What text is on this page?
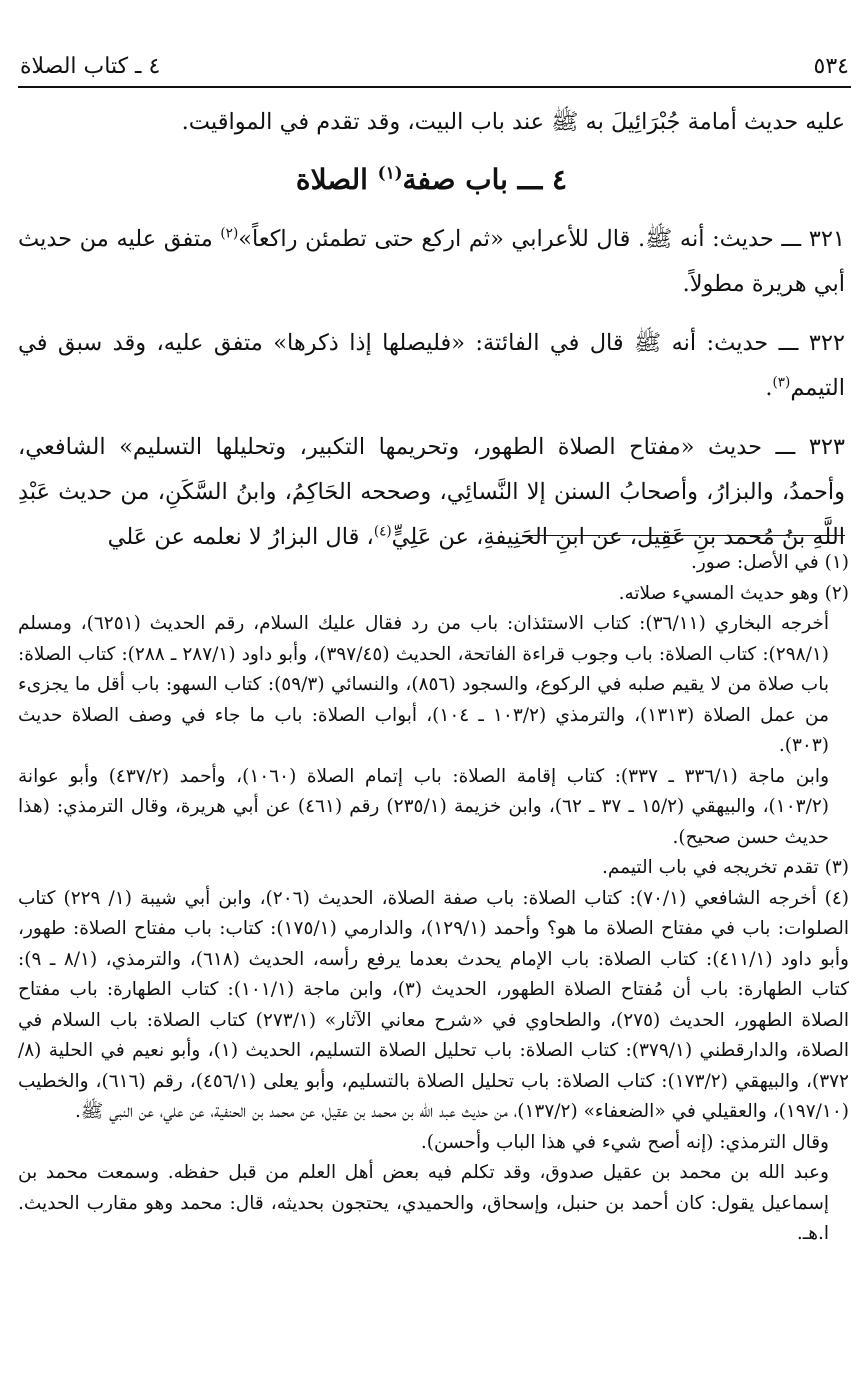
٥٣٤
٤ ـ كتاب الصلاة

عليه حديث أمامة جُبْرَائِيلَ به ﷺ عند باب البيت، وقد تقدم في المواقيت.

٤ ـــ باب صفة$^{(١)}$ الصلاة

٣٢١ ـــ حديث: أنه ﷺ. قال للأعرابي «ثم اركع حتى تطمئن راكعاً»$^{(٢)}$ متفق عليه من حديث أبي هريرة مطولاً.

٣٢٢ ـــ حديث: أنه ﷺ قال في الفائتة: «فليصلها إذا ذكرها» متفق عليه، وقد سبق في التيمم$^{(٣)}$.

٣٢٣ ـــ حديث «مفتاح الصلاة الطهور، وتحريمها التكبير، وتحليلها التسليم» الشافعي، وأحمدُ، والبزارُ، وأصحابُ السنن إلا النَّسائِي، وصححه الحَاكِمُ، وابنُ السَّكَنِ، من حديث عَبْدِ اللَّهِ بنُ مُحمد بنِ عَقِيل، عن ابنِ الحَنِيفةِ، عن عَلِيٍّ$^{(٤)}$، قال البزارُ لا نعلمه عن عَلي

(١) في الأصل: صور.

(٢) وهو حديث المسيء صلاته.

أخرجه البخاري (٣٦/١١): كتاب الاستئذان: باب من رد فقال عليك السلام، رقم الحديث (٦٢٥١)، ومسلم (٢٩٨/١): كتاب الصلاة: باب وجوب قراءة الفاتحة، الحديث (٣٩٧/٤٥)، وأبو داود (٢٨٧/١ ـ ٢٨٨): كتاب الصلاة: باب صلاة من لا يقيم صلبه في الركوع، والسجود (٨٥٦)، والنسائي (٥٩/٣): كتاب السهو: باب أقل ما يجزىء من عمل الصلاة (١٣١٣)، والترمذي (١٠٣/٢ ـ ١٠٤)، أبواب الصلاة: باب ما جاء في وصف الصلاة حديث (٣٠٣).

وابن ماجة (٣٣٦/١ ـ ٣٣٧): كتاب إقامة الصلاة: باب إتمام الصلاة (١٠٦٠)، وأحمد (٤٣٧/٢) وأبو عوانة (١٠٣/٢)، والبيهقي (١٥/٢ ـ ٣٧ ـ ٦٢)، وابن خزيمة (٢٣٥/١) رقم (٤٦١) عن أبي هريرة، وقال الترمذي: (هذا حديث حسن صحيح).

(٣) تقدم تخريجه في باب التيمم.

(٤) أخرجه الشافعي (٧٠/١): كتاب الصلاة: باب صفة الصلاة، الحديث (٢٠٦)، وابن أبي شيبة (١/ ٢٢٩) كتاب الصلوات: باب في مفتاح الصلاة ما هو؟ وأحمد (١٢٩/١)، والدارمي (١٧٥/١): كتاب: باب مفتاح الصلاة: طهور، وأبو داود (٤١١/١): كتاب الصلاة: باب الإمام يحدث بعدما يرفع رأسه، الحديث (٦١٨)، والترمذي، (٨/١ ـ ٩): كتاب الطهارة: باب أن مُفتاح الصلاة الطهور، الحديث (٣)، وابن ماجة (١٠١/١): كتاب الطهارة: باب مفتاح الصلاة الطهور، الحديث (٢٧٥)، والطحاوي في «شرح معاني الآثار» (٢٧٣/١) كتاب الصلاة: باب السلام في الصلاة، والدارقطني (٣٧٩/١): كتاب الصلاة: باب تحليل الصلاة التسليم، الحديث (١)، وأبو نعيم في الحلية (٨/ ٣٧٢)، والبيهقي (١٧٣/٢): كتاب الصلاة: باب تحليل الصلاة بالتسليم، وأبو يعلى (٤٥٦/١)، رقم (٦١٦)، والخطيب (١٩٧/١٠)، والعقيلي في «الضعفاء» (١٣٧/٢)، من حديث عبد الله بن محمد بن عقيل، عن محمد بن الحنفية، عن علي، عن النبي ﷺ.

وقال الترمذي: (إنه أصح شيء في هذا الباب وأحسن).

وعبد الله بن محمد بن عقيل صدوق، وقد تكلم فيه بعض أهل العلم من قبل حفظه. وسمعت محمد بن إسماعيل يقول: كان أحمد بن حنبل، وإسحاق، والحميدي، يحتجون بحديثه، قال: محمد وهو مقارب الحديث. ا.هـ.
